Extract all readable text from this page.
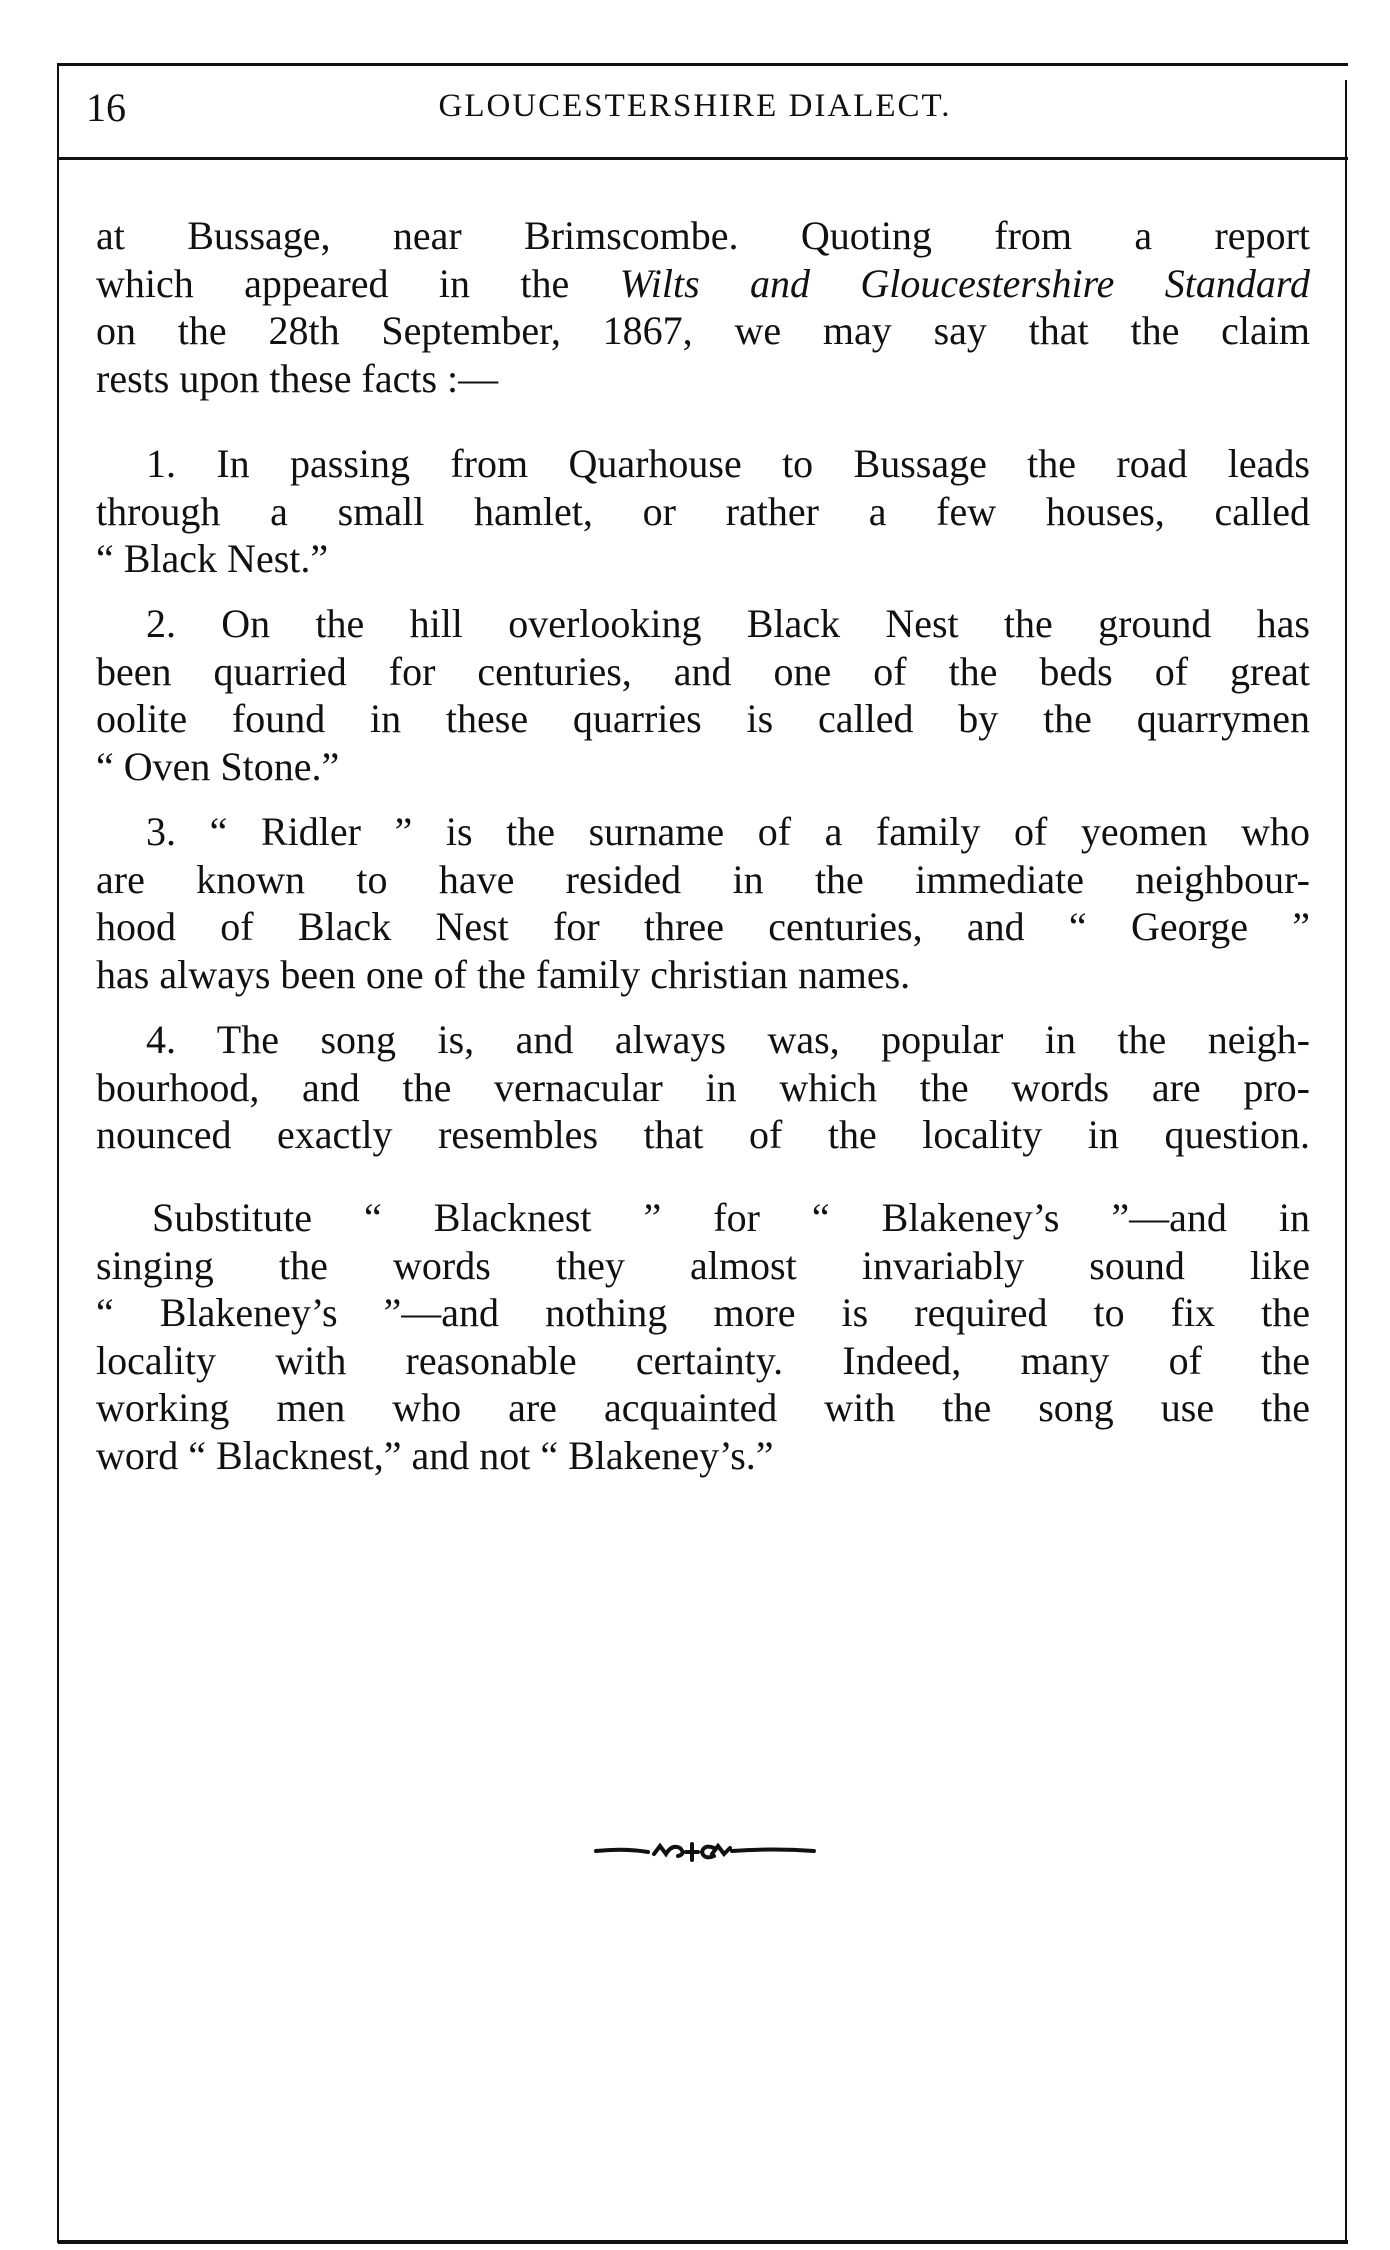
16	GLOUCESTERSHIRE DIALECT.
at Bussage, near Brimscombe. Quoting from a report
which appeared in the Wilts and Gloucestershire Standard
on the 28th September, 1867, we may say that the claim
rests upon these facts :—
1. In passing from Quarhouse to Bussage the road leads
through a small hamlet, or rather a few houses, called
“ Black Nest.”
2. On the hill overlooking Black Nest the ground has
been quarried for centuries, and one of the beds of great
oolite found in these quarries is called by the quarrymen
“ Oven Stone.”
3. “ Ridler ” is the surname of a family of yeomen who
are known to have resided in the immediate neighbour-
hood of Black Nest for three centuries, and “ George ”
has always been one of the family christian names.
4. The song is, and always was, popular in the neigh-
bourhood, and the vernacular in which the words are pro-
nounced exactly resembles that of the locality in question.
Substitute “ Blacknest ” for “ Blakeney’s ”—and in
singing the words they almost invariably sound like
“ Blakeney’s ”—and nothing more is required to fix the
locality with reasonable certainty. Indeed, many of the
working men who are acquainted with the song use the
word “ Blacknest,” and not “ Blakeney’s.”
